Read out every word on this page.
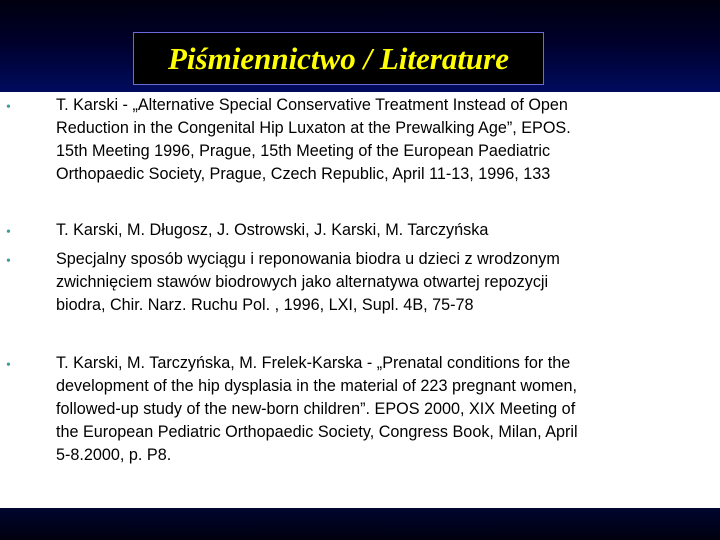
Piśmiennictwo / Literature
•	T. Karski - „Alternative Special Conservative Treatment Instead of Open
Reduction in the Congenital Hip Luxaton at the Prewalking Age”, EPOS.
15th Meeting 1996, Prague, 15th Meeting of the European Paediatric
Orthopaedic Society, Prague, Czech Republic, April 11-13, 1996, 133
•	T. Karski, M. Długosz, J. Ostrowski, J. Karski, M. Tarczyńska
•	Specjalny sposób wyciągu i reponowania biodra u dzieci z wrodzonym
zwichnięciem stawów biodrowych jako alternatywa otwartej repozycji
biodra, Chir. Narz. Ruchu Pol. , 1996, LXI, Supl. 4B, 75-78
•	T. Karski, M. Tarczyńska, M. Frelek-Karska - „Prenatal conditions for the
development of the hip dysplasia in the material of 223 pregnant women,
followed-up study of the new-born children”. EPOS 2000, XIX Meeting of
the European Pediatric Orthopaedic Society, Congress Book, Milan, April
5-8.2000, p. P8.
